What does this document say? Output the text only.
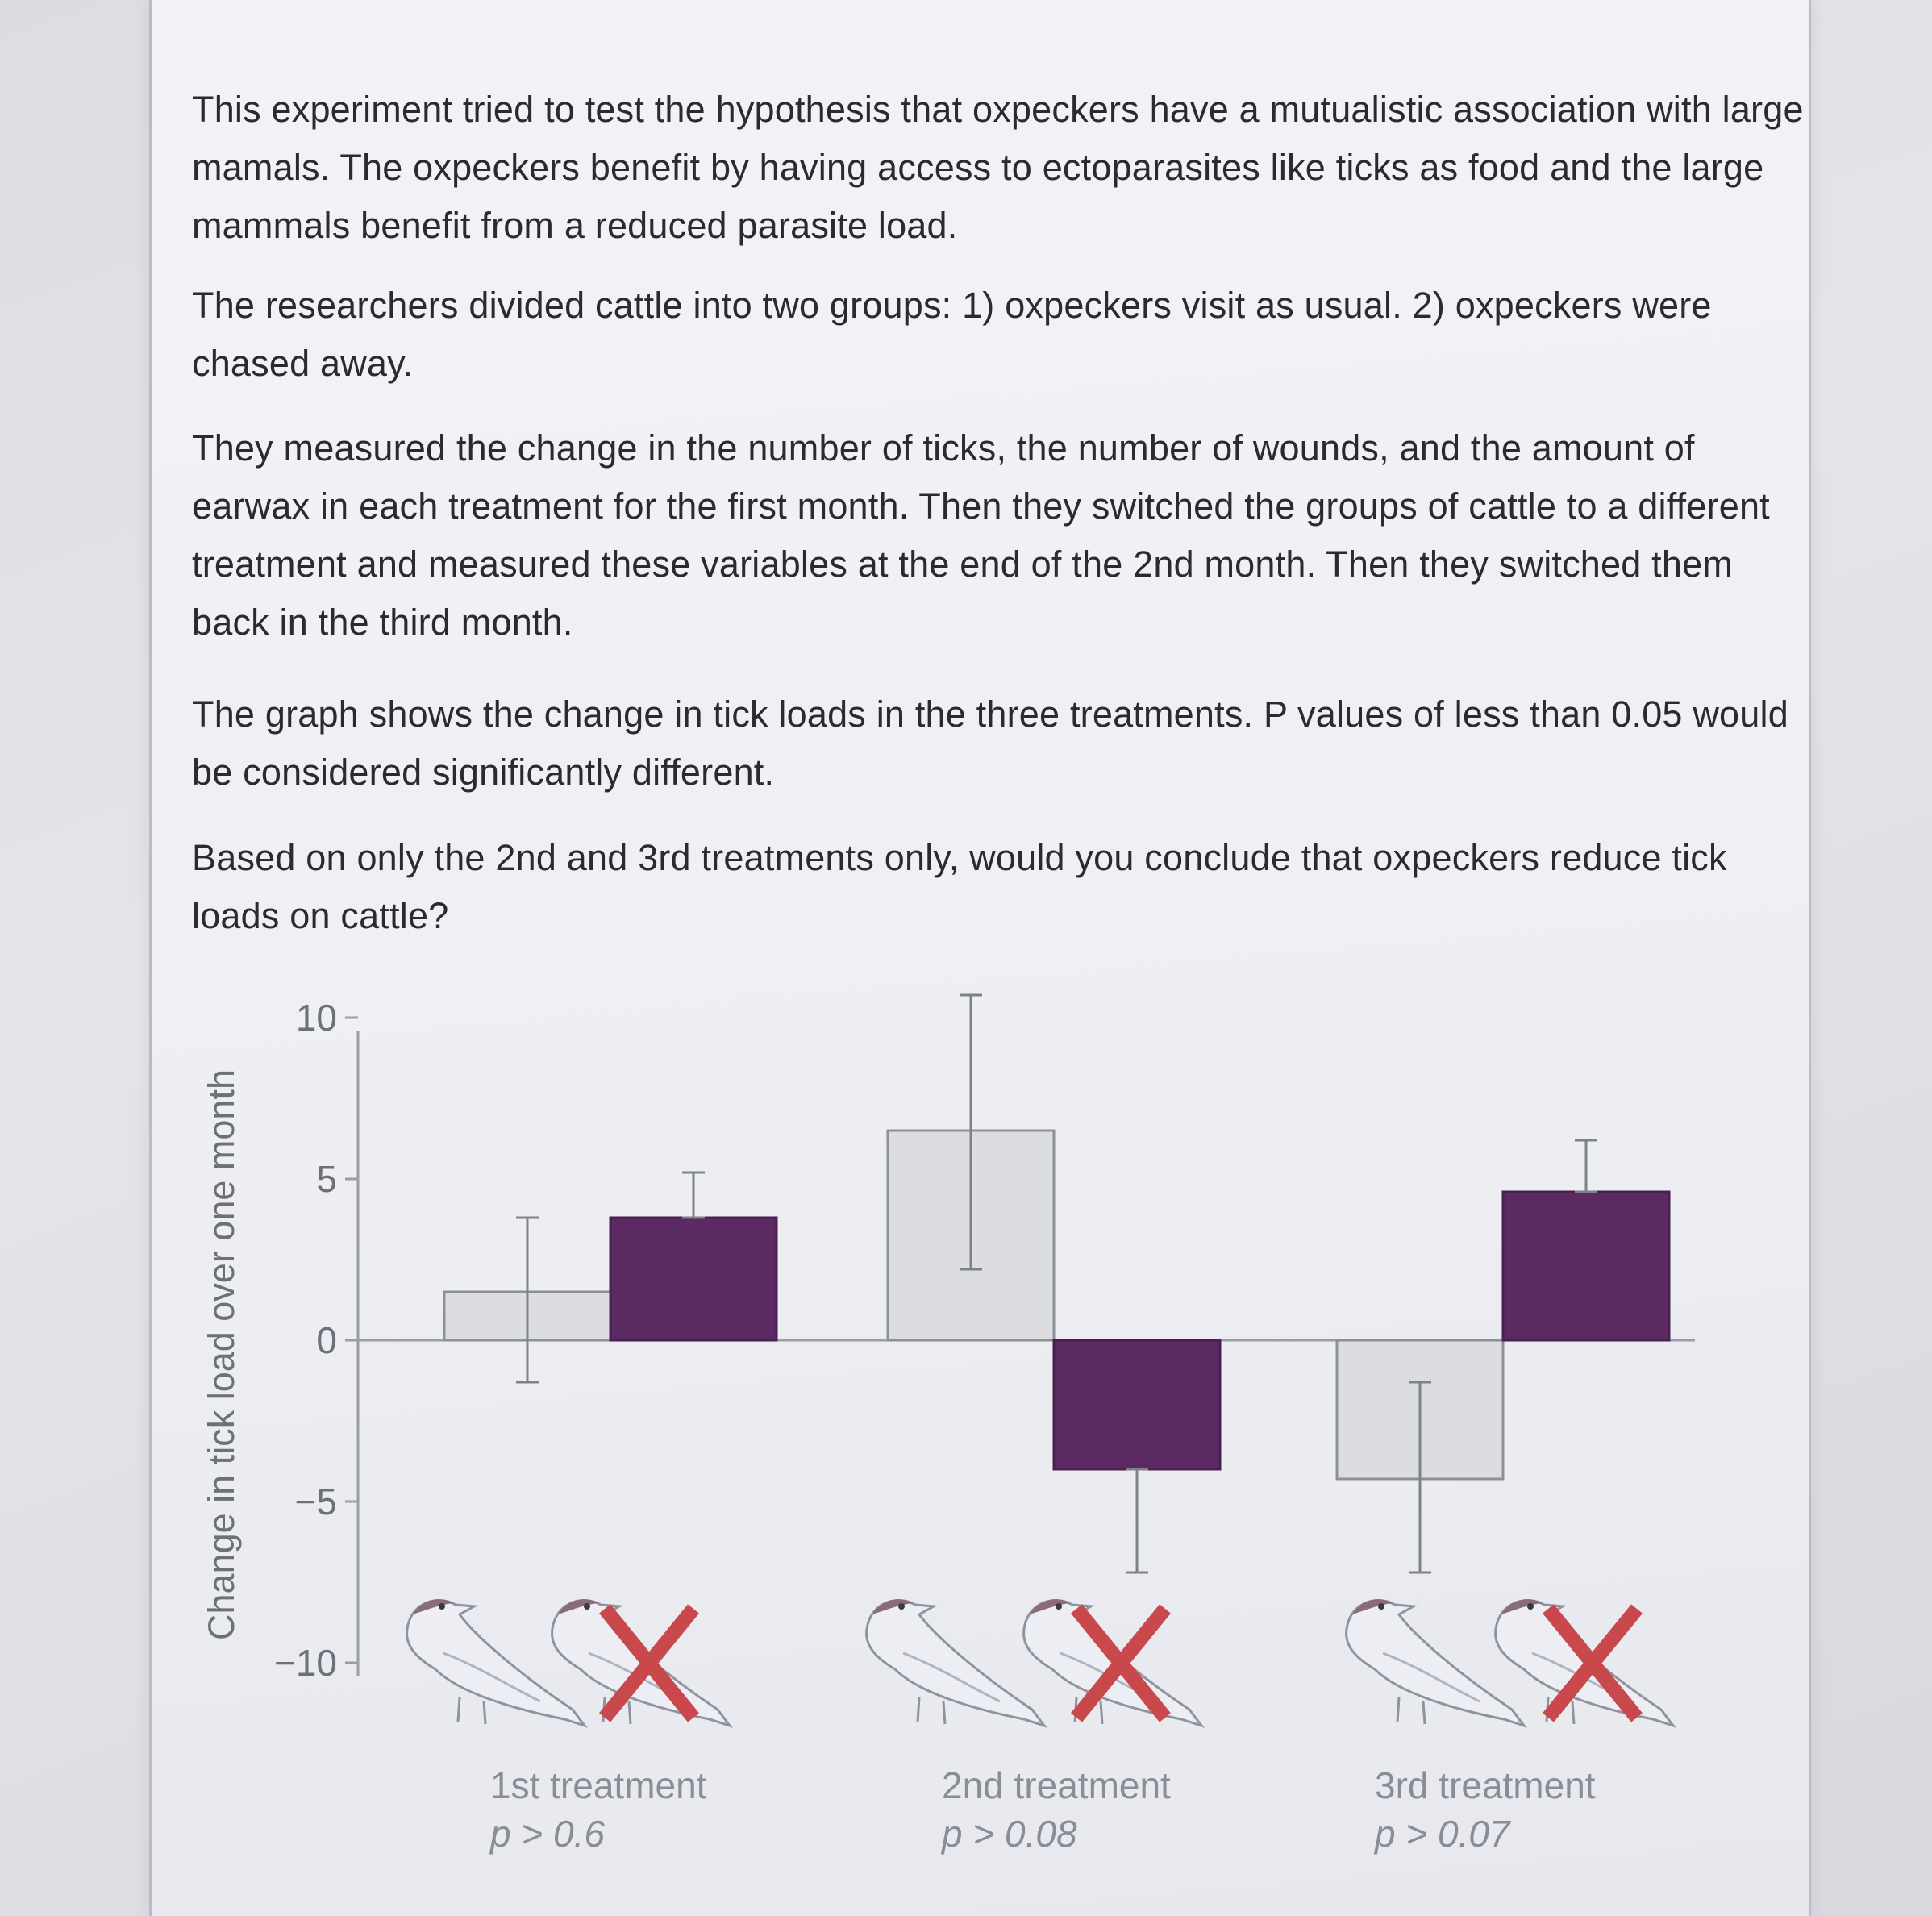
This experiment tried to test the hypothesis that oxpeckers have a mutualistic association with large mamals. The oxpeckers benefit by having access to ectoparasites like ticks as food and the large mammals benefit from a reduced parasite load.

The researchers divided cattle into two groups: 1) oxpeckers visit as usual. 2) oxpeckers were chased away.

They measured the change in the number of ticks, the number of wounds, and the amount of earwax in each treatment for the first month. Then they switched the groups of cattle to a different treatment and measured these variables at the end of the 2nd month. Then they switched them back in the third month.

The graph shows the change in tick loads in the three treatments. P values of less than 0.05 would be considered significantly different.

Based on only the 2nd and 3rd treatments only, would you conclude that oxpeckers reduce tick loads on cattle?

10
5
0
−5
−10
Change in tick load over one month
1st treatment
p > 0.6
2nd treatment
p > 0.08
3rd treatment
p > 0.07
